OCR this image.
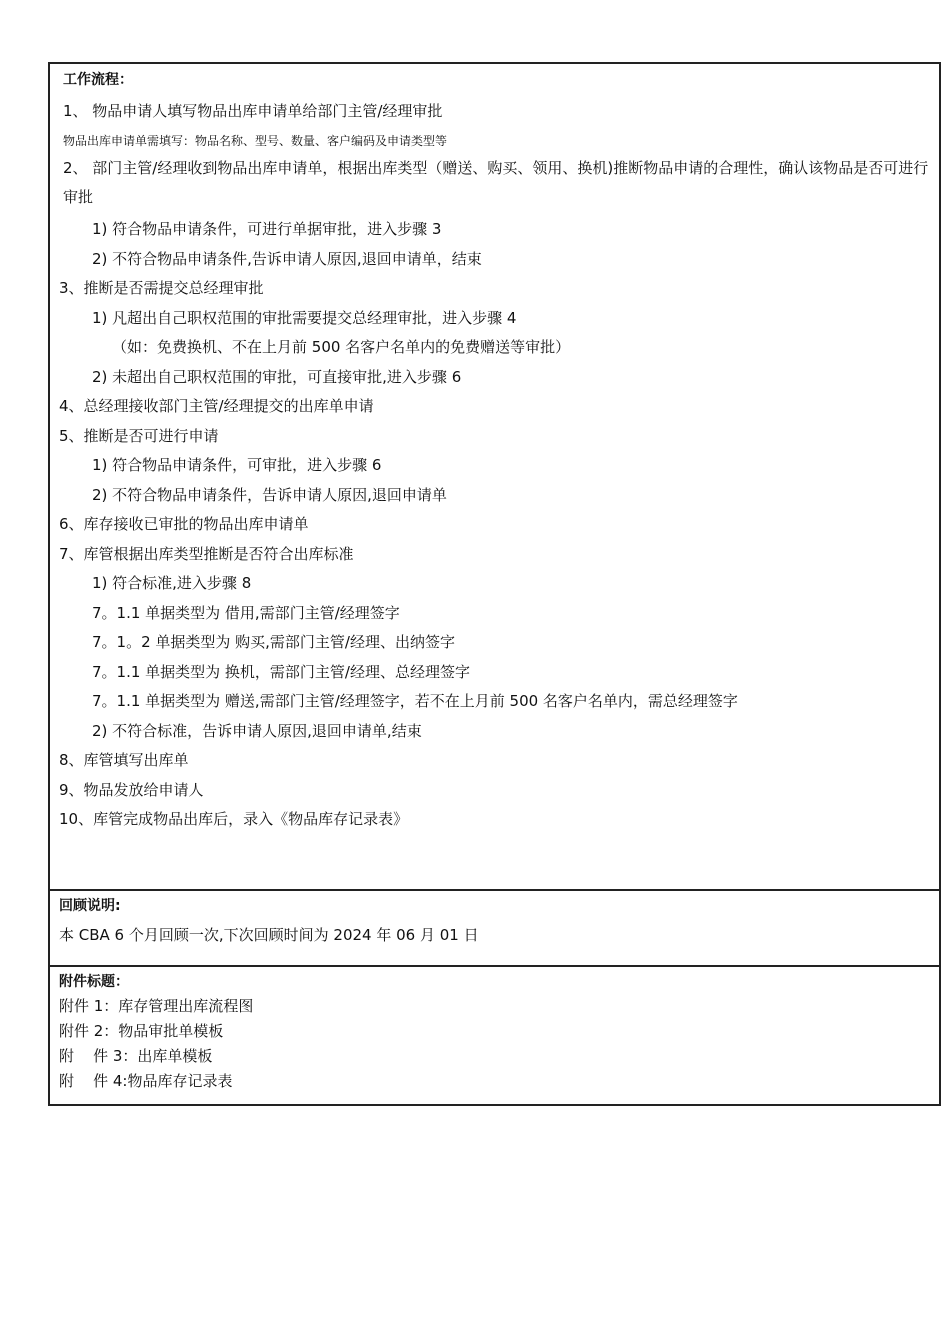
工作流程：
1、 物品申请人填写物品出库申请单给部门主管/经理审批
物品出库申请单需填写：物品名称、型号、数量、客户编码及申请类型等
2、 部门主管/经理收到物品出库申请单，根据出库类型（赠送、购买、领用、换机)推断物品申请的合理性，确认该物品是否可进行审批
1) 符合物品申请条件，可进行单据审批，进入步骤 3
2) 不符合物品申请条件,告诉申请人原因,退回申请单，结束
3、推断是否需提交总经理审批
1) 凡超出自己职权范围的审批需要提交总经理审批，进入步骤 4
（如：免费换机、不在上月前 500 名客户名单内的免费赠送等审批）
2) 未超出自己职权范围的审批，可直接审批,进入步骤 6
4、总经理接收部门主管/经理提交的出库单申请
5、推断是否可进行申请
1) 符合物品申请条件，可审批，进入步骤 6
2) 不符合物品申请条件，告诉申请人原因,退回申请单
6、库存接收已审批的物品出库申请单
7、库管根据出库类型推断是否符合出库标准
1) 符合标准,进入步骤 8
7。1.1 单据类型为 借用,需部门主管/经理签字
7。1。2 单据类型为 购买,需部门主管/经理、出纳签字
7。1.1 单据类型为 换机，需部门主管/经理、总经理签字
7。1.1 单据类型为 赠送,需部门主管/经理签字，若不在上月前 500 名客户名单内，需总经理签字
2) 不符合标准，告诉申请人原因,退回申请单,结束
8、库管填写出库单
9、物品发放给申请人
10、库管完成物品出库后，录入《物品库存记录表》
回顾说明:
本 CBA 6 个月回顾一次,下次回顾时间为 2024 年 06 月 01 日
附件标题：
附件 1：库存管理出库流程图
附件 2：物品审批单模板
附    件 3：出库单模板
附    件 4:物品库存记录表
